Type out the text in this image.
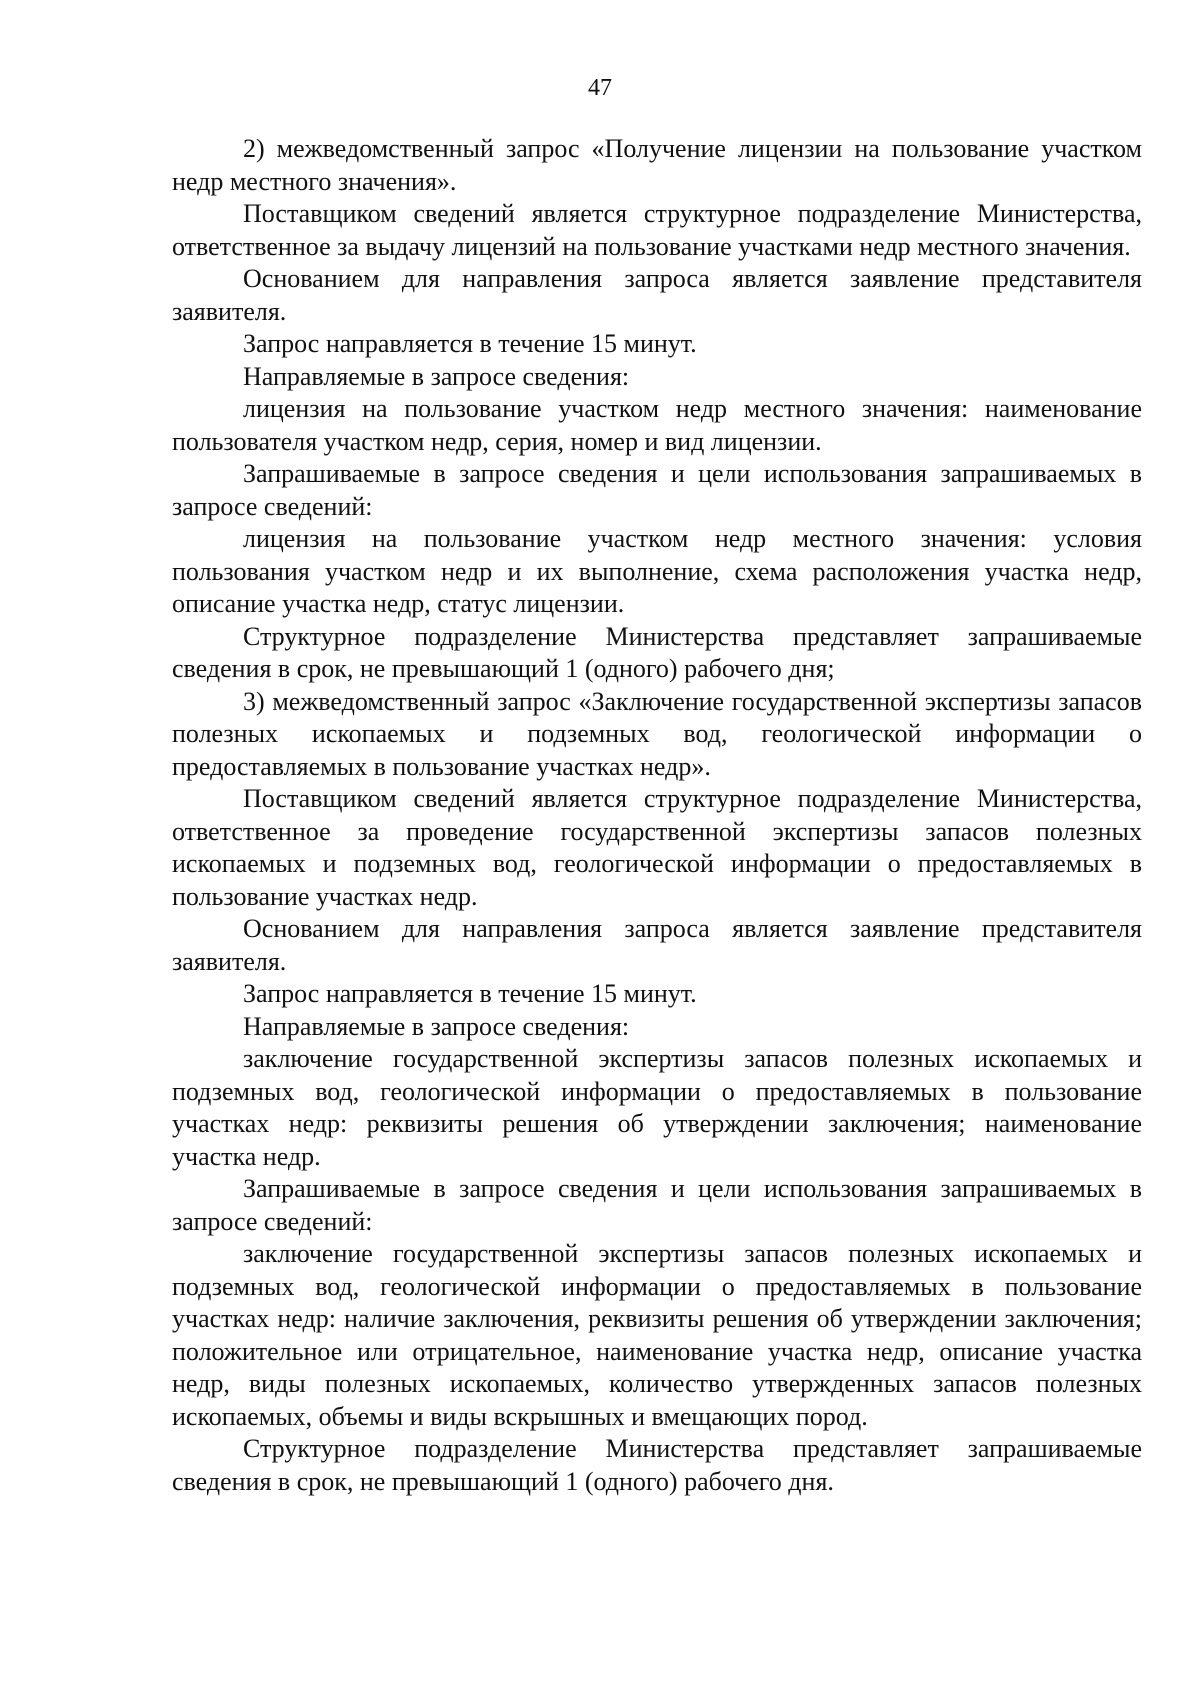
47

2) межведомственный запрос «Получение лицензии на пользование участком недр местного значения».

Поставщиком сведений является структурное подразделение Министерства, ответственное за выдачу лицензий на пользование участками недр местного значения.

Основанием для направления запроса является заявление представителя заявителя.

Запрос направляется в течение 15 минут.

Направляемые в запросе сведения:

лицензия на пользование участком недр местного значения: наименование пользователя участком недр, серия, номер и вид лицензии.

Запрашиваемые в запросе сведения и цели использования запрашиваемых в запросе сведений:

лицензия на пользование участком недр местного значения: условия пользования участком недр и их выполнение, схема расположения участка недр, описание участка недр, статус лицензии.

Структурное подразделение Министерства представляет запрашиваемые сведения в срок, не превышающий 1 (одного) рабочего дня;

3) межведомственный запрос «Заключение государственной экспертизы запасов полезных ископаемых и подземных вод, геологической информации о предоставляемых в пользование участках недр».

Поставщиком сведений является структурное подразделение Министерства, ответственное за проведение государственной экспертизы запасов полезных ископаемых и подземных вод, геологической информации о предоставляемых в пользование участках недр.

Основанием для направления запроса является заявление представителя заявителя.

Запрос направляется в течение 15 минут.

Направляемые в запросе сведения:

заключение государственной экспертизы запасов полезных ископаемых и подземных вод, геологической информации о предоставляемых в пользование участках недр: реквизиты решения об утверждении заключения; наименование участка недр.

Запрашиваемые в запросе сведения и цели использования запрашиваемых в запросе сведений:

заключение государственной экспертизы запасов полезных ископаемых и подземных вод, геологической информации о предоставляемых в пользование участках недр: наличие заключения, реквизиты решения об утверждении заключения; положительное или отрицательное, наименование участка недр, описание участка недр, виды полезных ископаемых, количество утвержденных запасов полезных ископаемых, объемы и виды вскрышных и вмещающих пород.

Структурное подразделение Министерства представляет запрашиваемые сведения в срок, не превышающий 1 (одного) рабочего дня.
